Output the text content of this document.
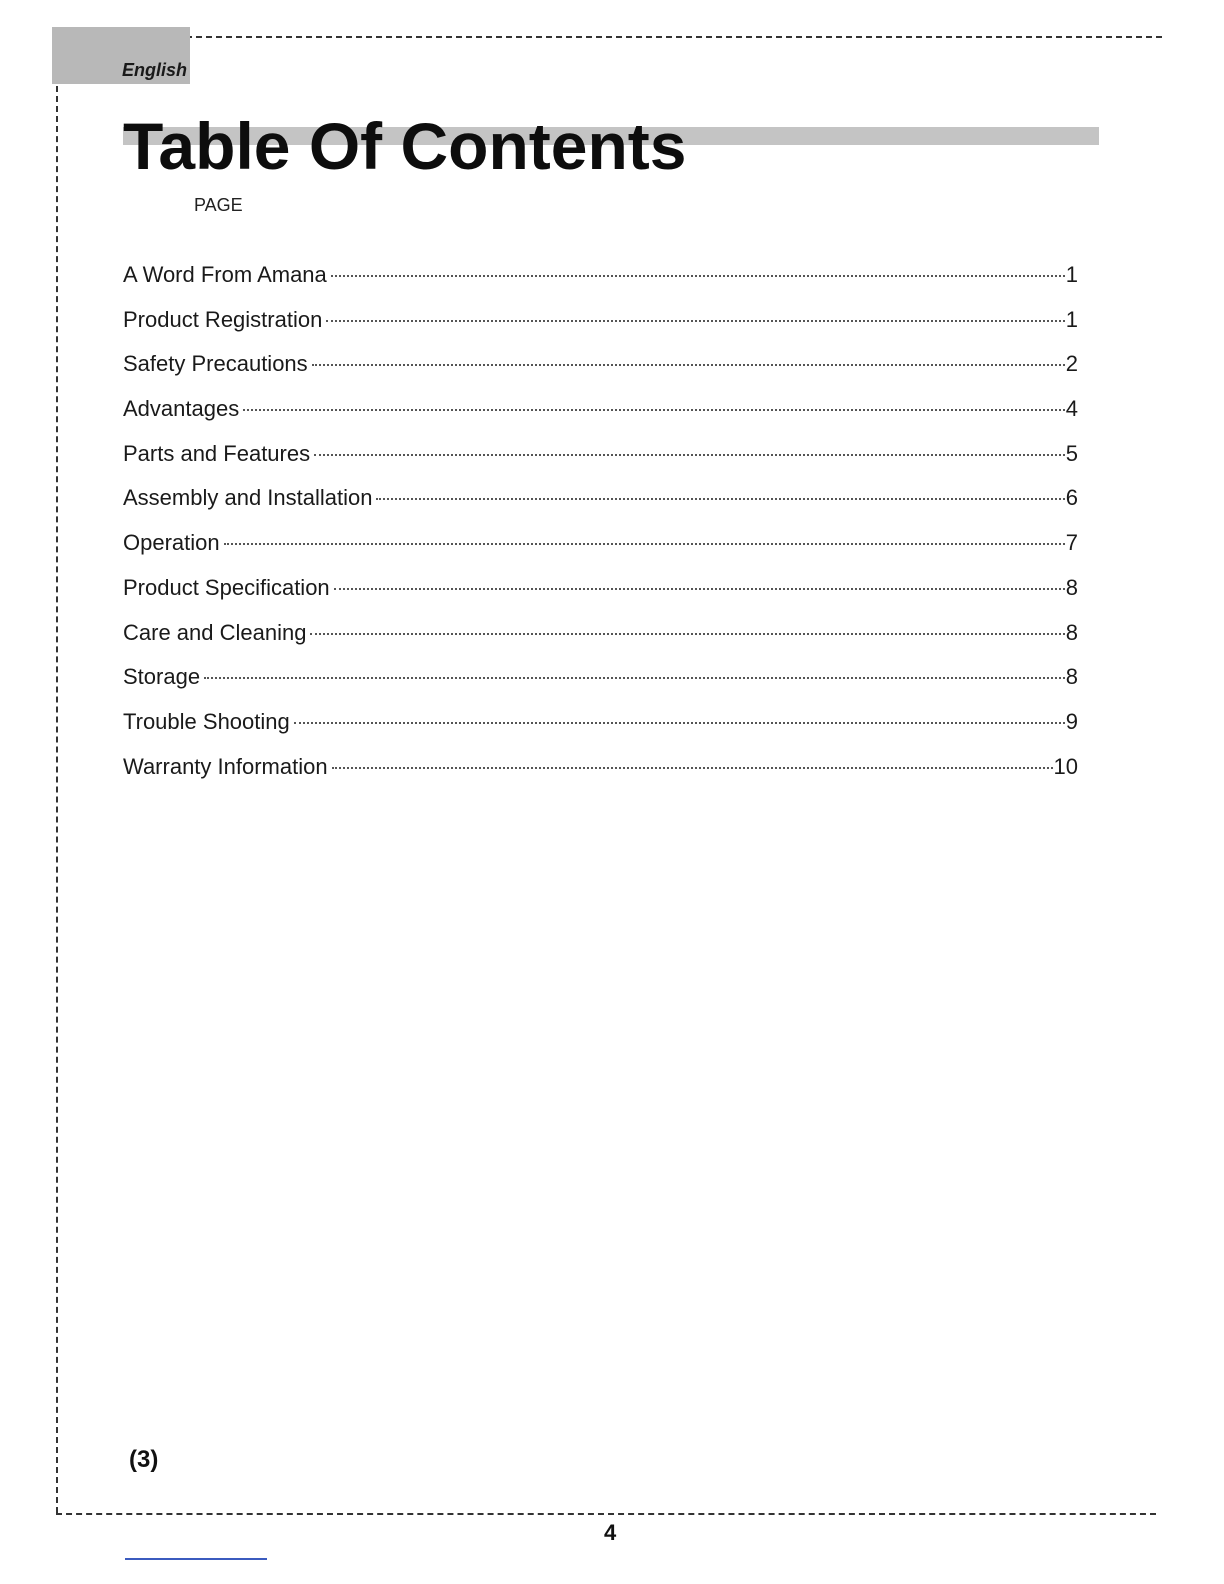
English
Table Of Contents
PAGE
A Word From Amana	1
Product Registration	1
Safety Precautions	2
Advantages	4
Parts and Features	5
Assembly and Installation	6
Operation	7
Product Specification	8
Care and Cleaning	8
Storage	8
Trouble Shooting	9
Warranty Information	10
(3)
4
